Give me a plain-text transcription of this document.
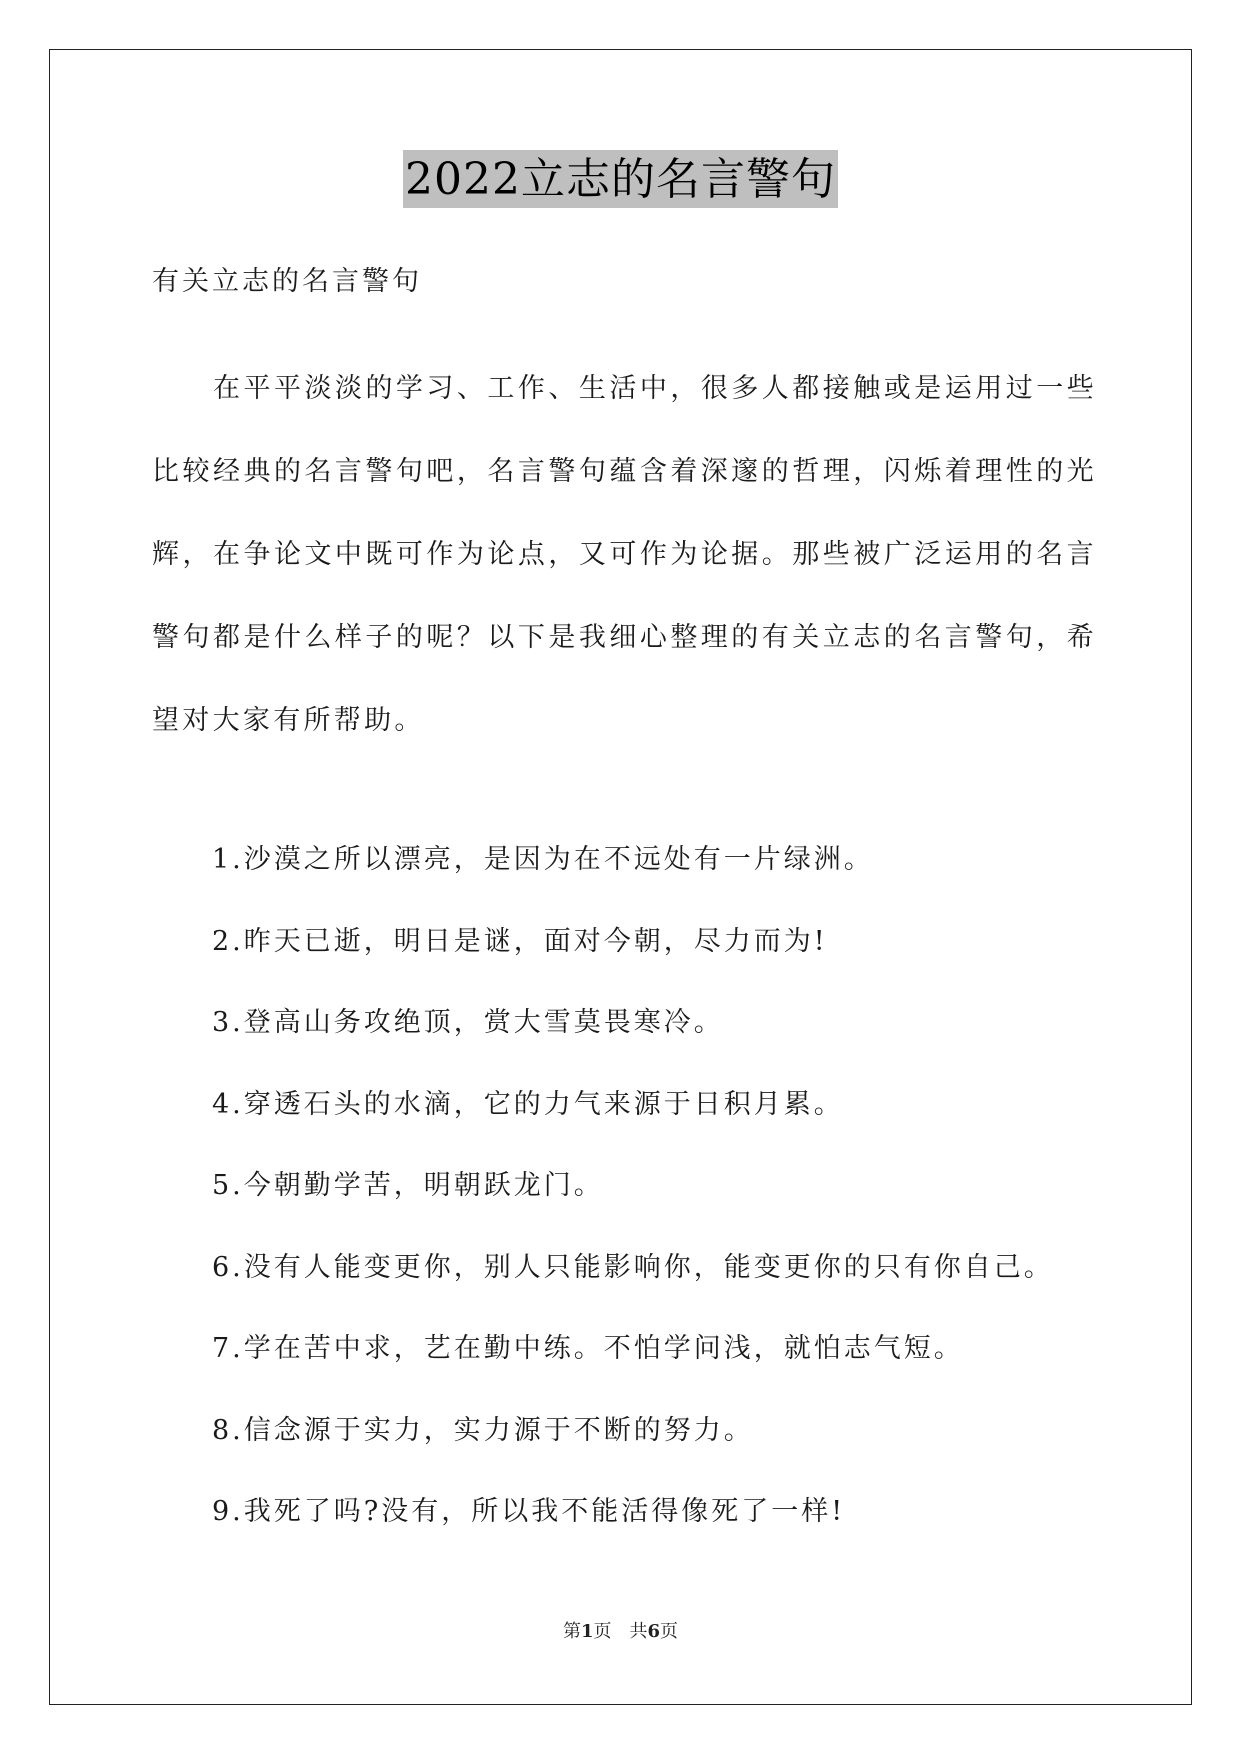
2022立志的名言警句

有关立志的名言警句

在平平淡淡的学习、工作、生活中，很多人都接触或是运用过一些比较经典的名言警句吧，名言警句蕴含着深邃的哲理，闪烁着理性的光辉，在争论文中既可作为论点，又可作为论据。那些被广泛运用的名言警句都是什么样子的呢？以下是我细心整理的有关立志的名言警句，希望对大家有所帮助。

1.沙漠之所以漂亮，是因为在不远处有一片绿洲。
2.昨天已逝，明日是谜，面对今朝，尽力而为!
3.登高山务攻绝顶，赏大雪莫畏寒冷。
4.穿透石头的水滴，它的力气来源于日积月累。
5.今朝勤学苦，明朝跃龙门。
6.没有人能变更你，别人只能影响你，能变更你的只有你自己。
7.学在苦中求，艺在勤中练。不怕学问浅，就怕志气短。
8.信念源于实力，实力源于不断的努力。
9.我死了吗?没有，所以我不能活得像死了一样!

第1页 共6页
